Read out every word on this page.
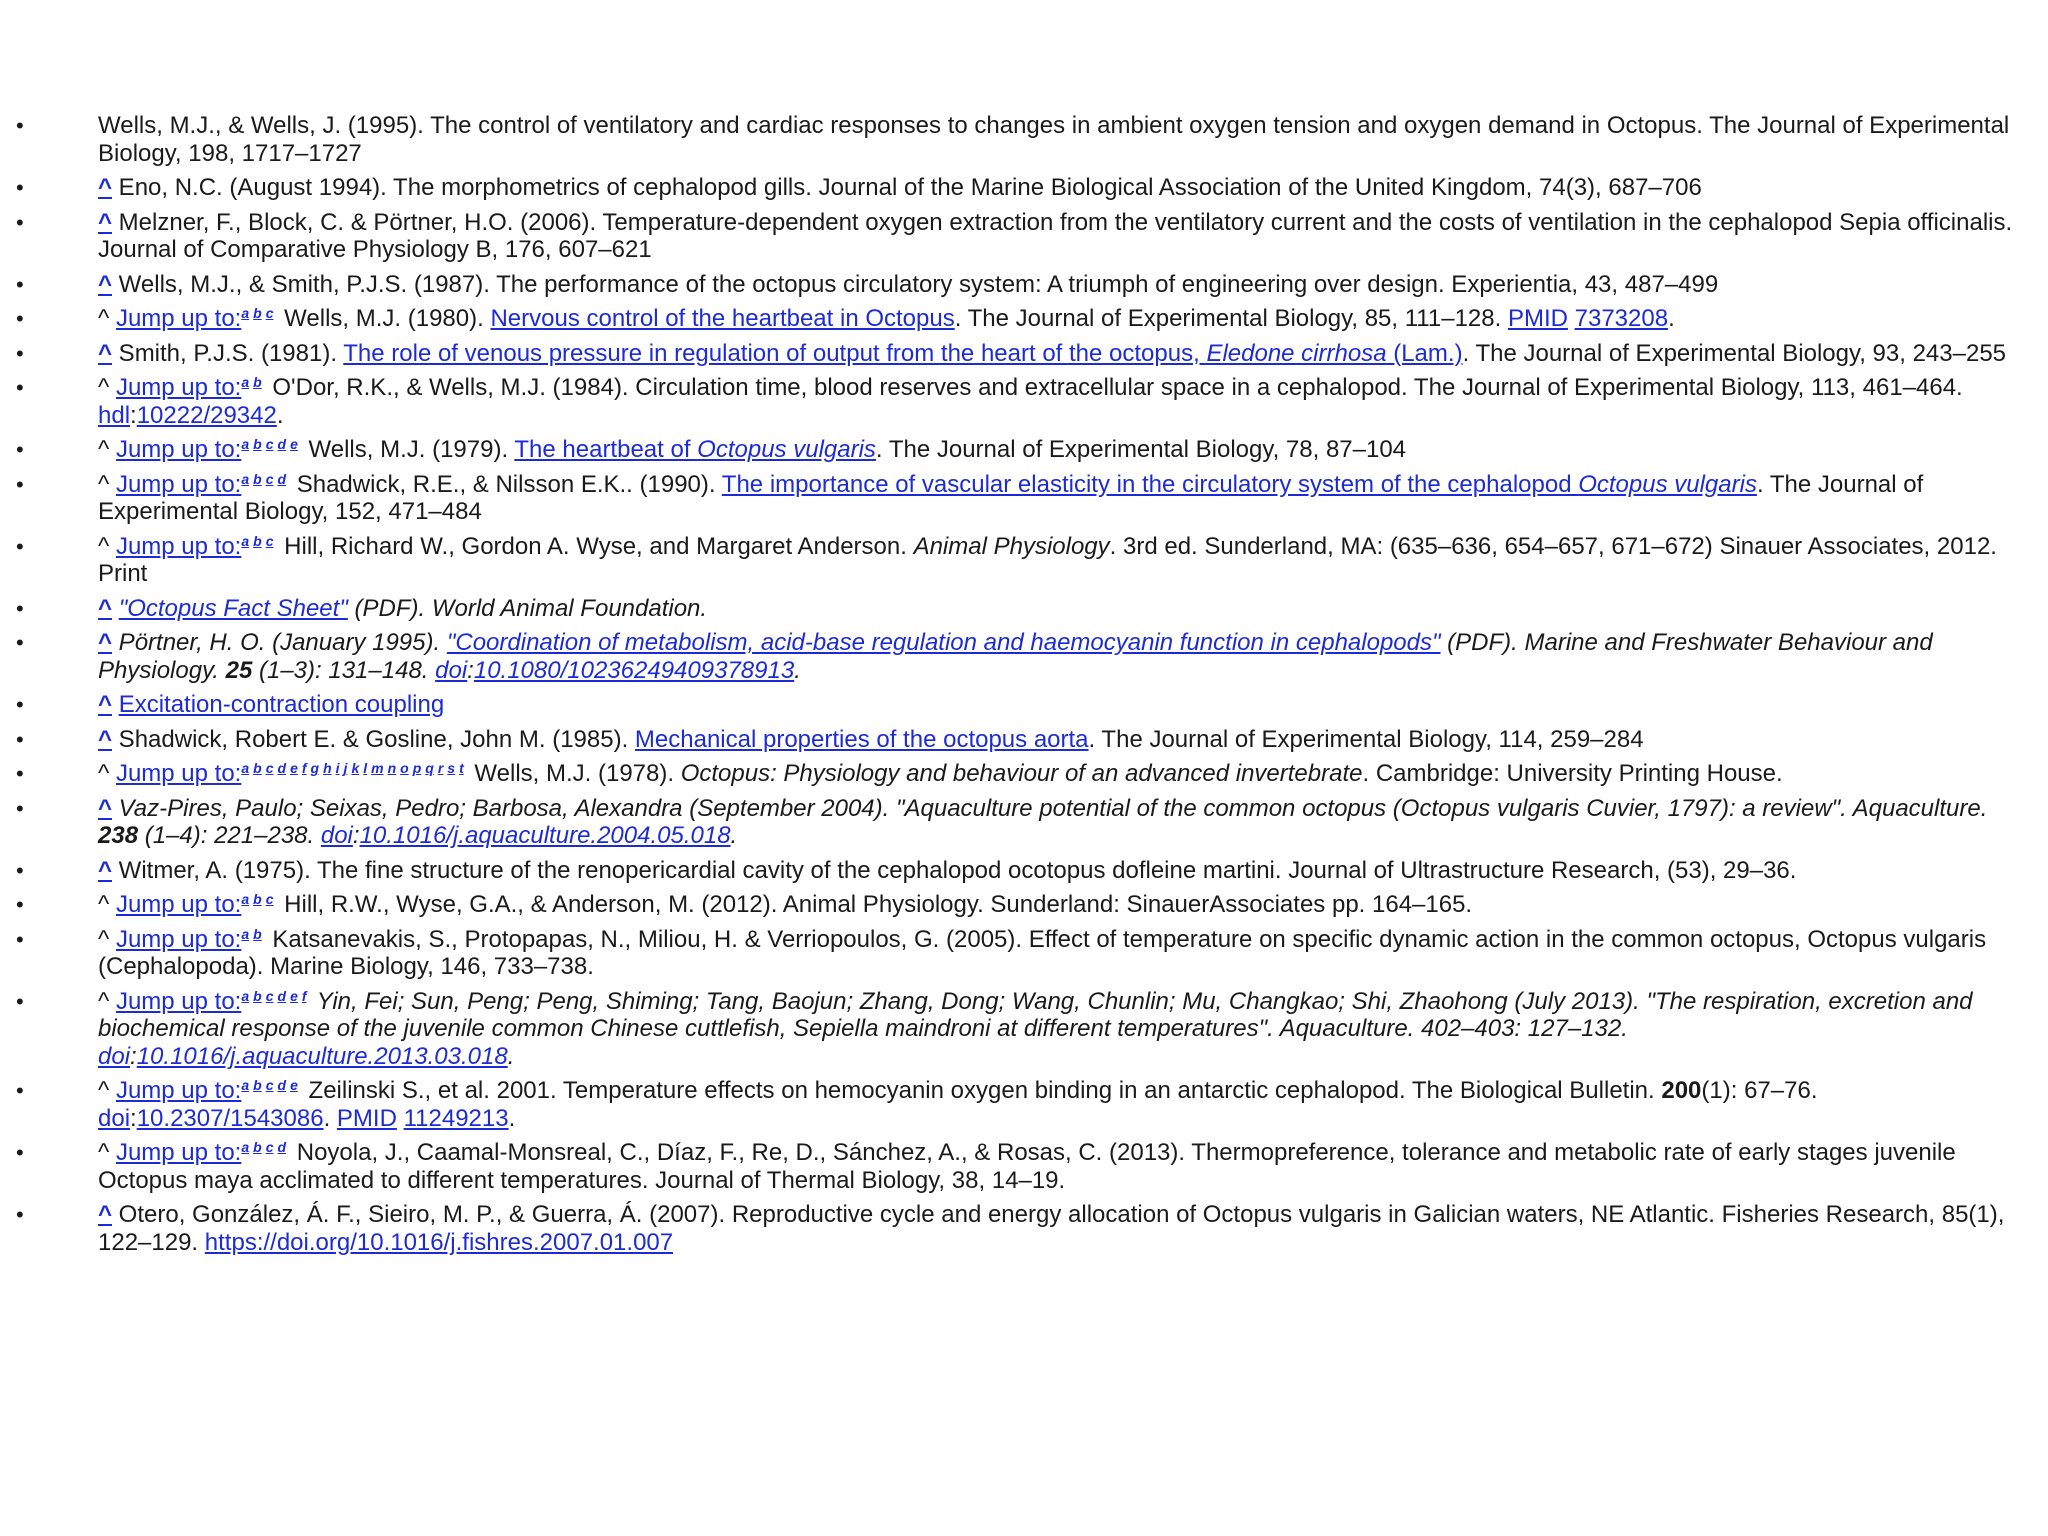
•	Wells, M.J., & Wells, J. (1995). The control of ventilatory and cardiac responses to changes in ambient oxygen tension and oxygen demand in Octopus. The Journal of Experimental Biology, 198, 1717–1727
•	^ Eno, N.C. (August 1994). The morphometrics of cephalopod gills. Journal of the Marine Biological Association of the United Kingdom, 74(3), 687–706
•	^ Melzner, F., Block, C. & Pörtner, H.O. (2006). Temperature-dependent oxygen extraction from the ventilatory current and the costs of ventilation in the cephalopod Sepia officinalis. Journal of Comparative Physiology B, 176, 607–621
•	^ Wells, M.J., & Smith, P.J.S. (1987). The performance of the octopus circulatory system: A triumph of engineering over design. Experientia, 43, 487–499
•	^ Jump up to:$^{a b c}$ Wells, M.J. (1980). Nervous control of the heartbeat in Octopus. The Journal of Experimental Biology, 85, 111–128. PMID 7373208.
•	^ Smith, P.J.S. (1981). The role of venous pressure in regulation of output from the heart of the octopus, Eledone cirrhosa (Lam.). The Journal of Experimental Biology, 93, 243–255
•	^ Jump up to:$^{a b}$ O'Dor, R.K., & Wells, M.J. (1984). Circulation time, blood reserves and extracellular space in a cephalopod. The Journal of Experimental Biology, 113, 461–464. hdl:10222/29342.
•	^ Jump up to:$^{a b c d e}$ Wells, M.J. (1979). The heartbeat of Octopus vulgaris. The Journal of Experimental Biology, 78, 87–104
•	^ Jump up to:$^{a b c d}$ Shadwick, R.E., & Nilsson E.K.. (1990). The importance of vascular elasticity in the circulatory system of the cephalopod Octopus vulgaris. The Journal of Experimental Biology, 152, 471–484
•	^ Jump up to:$^{a b c}$ Hill, Richard W., Gordon A. Wyse, and Margaret Anderson. Animal Physiology. 3rd ed. Sunderland, MA: (635–636, 654–657, 671–672) Sinauer Associates, 2012. Print
•	^ "Octopus Fact Sheet" (PDF). World Animal Foundation.
•	^ Pörtner, H. O. (January 1995). "Coordination of metabolism, acid-base regulation and haemocyanin function in cephalopods" (PDF). Marine and Freshwater Behaviour and Physiology. 25 (1–3): 131–148. doi:10.1080/10236249409378913.
•	^ Excitation-contraction coupling
•	^ Shadwick, Robert E. & Gosline, John M. (1985). Mechanical properties of the octopus aorta. The Journal of Experimental Biology, 114, 259–284
•	^ Jump up to:$^{a b c d e f g h i j k l m n o p q r s t}$ Wells, M.J. (1978). Octopus: Physiology and behaviour of an advanced invertebrate. Cambridge: University Printing House.
•	^ Vaz-Pires, Paulo; Seixas, Pedro; Barbosa, Alexandra (September 2004). "Aquaculture potential of the common octopus (Octopus vulgaris Cuvier, 1797): a review". Aquaculture. 238 (1–4): 221–238. doi:10.1016/j.aquaculture.2004.05.018.
•	^ Witmer, A. (1975). The fine structure of the renopericardial cavity of the cephalopod ocotopus dofleine martini. Journal of Ultrastructure Research, (53), 29–36.
•	^ Jump up to:$^{a b c}$ Hill, R.W., Wyse, G.A., & Anderson, M. (2012). Animal Physiology. Sunderland: SinauerAssociates pp. 164–165.
•	^ Jump up to:$^{a b}$ Katsanevakis, S., Protopapas, N., Miliou, H. & Verriopoulos, G. (2005). Effect of temperature on specific dynamic action in the common octopus, Octopus vulgaris (Cephalopoda). Marine Biology, 146, 733–738.
•	^ Jump up to:$^{a b c d e f}$ Yin, Fei; Sun, Peng; Peng, Shiming; Tang, Baojun; Zhang, Dong; Wang, Chunlin; Mu, Changkao; Shi, Zhaohong (July 2013). "The respiration, excretion and biochemical response of the juvenile common Chinese cuttlefish, Sepiella maindroni at different temperatures". Aquaculture. 402–403: 127–132. doi:10.1016/j.aquaculture.2013.03.018.
•	^ Jump up to:$^{a b c d e}$ Zeilinski S., et al. 2001. Temperature effects on hemocyanin oxygen binding in an antarctic cephalopod. The Biological Bulletin. 200(1): 67–76. doi:10.2307/1543086. PMID 11249213.
•	^ Jump up to:$^{a b c d}$ Noyola, J., Caamal-Monsreal, C., Díaz, F., Re, D., Sánchez, A., & Rosas, C. (2013). Thermopreference, tolerance and metabolic rate of early stages juvenile Octopus maya acclimated to different temperatures. Journal of Thermal Biology, 38, 14–19.
•	^ Otero, González, Á. F., Sieiro, M. P., & Guerra, Á. (2007). Reproductive cycle and energy allocation of Octopus vulgaris in Galician waters, NE Atlantic. Fisheries Research, 85(1), 122–129. https://doi.org/10.1016/j.fishres.2007.01.007
